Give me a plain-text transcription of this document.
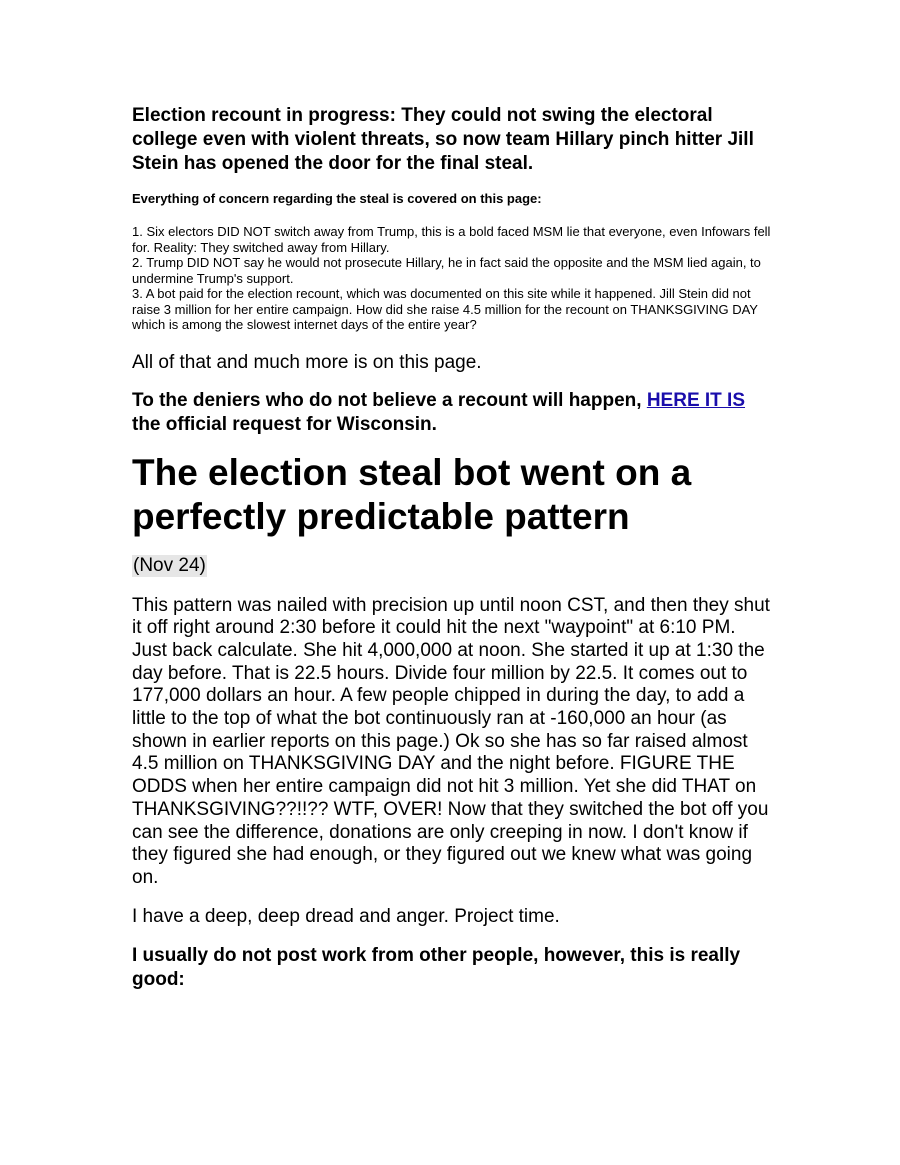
Election recount in progress: They could not swing the electoral college even with violent threats, so now team Hillary pinch hitter Jill Stein has opened the door for the final steal.
Everything of concern regarding the steal is covered on this page:
1. Six electors DID NOT switch away from Trump, this is a bold faced MSM lie that everyone, even Infowars fell for. Reality: They switched away from Hillary.
2. Trump DID NOT say he would not prosecute Hillary, he in fact said the opposite and the MSM lied again, to undermine Trump's support.
3. A bot paid for the election recount, which was documented on this site while it happened. Jill Stein did not raise 3 million for her entire campaign. How did she raise 4.5 million for the recount on THANKSGIVING DAY which is among the slowest internet days of the entire year?
All of that and much more is on this page.
To the deniers who do not believe a recount will happen, HERE IT IS the official request for Wisconsin.
The election steal bot went on a perfectly predictable pattern
(Nov 24)
This pattern was nailed with precision up until noon CST, and then they shut it off right around 2:30 before it could hit the next "waypoint" at 6:10 PM. Just back calculate. She hit 4,000,000 at noon. She started it up at 1:30 the day before. That is 22.5 hours. Divide four million by 22.5. It comes out to 177,000 dollars an hour. A few people chipped in during the day, to add a little to the top of what the bot continuously ran at -160,000 an hour (as shown in earlier reports on this page.) Ok so she has so far raised almost 4.5 million on THANKSGIVING DAY and the night before. FIGURE THE ODDS when her entire campaign did not hit 3 million. Yet she did THAT on THANKSGIVING??!!?? WTF, OVER! Now that they switched the bot off you can see the difference, donations are only creeping in now. I don't know if they figured she had enough, or they figured out we knew what was going on.
I have a deep, deep dread and anger. Project time.
I usually do not post work from other people, however, this is really good:
